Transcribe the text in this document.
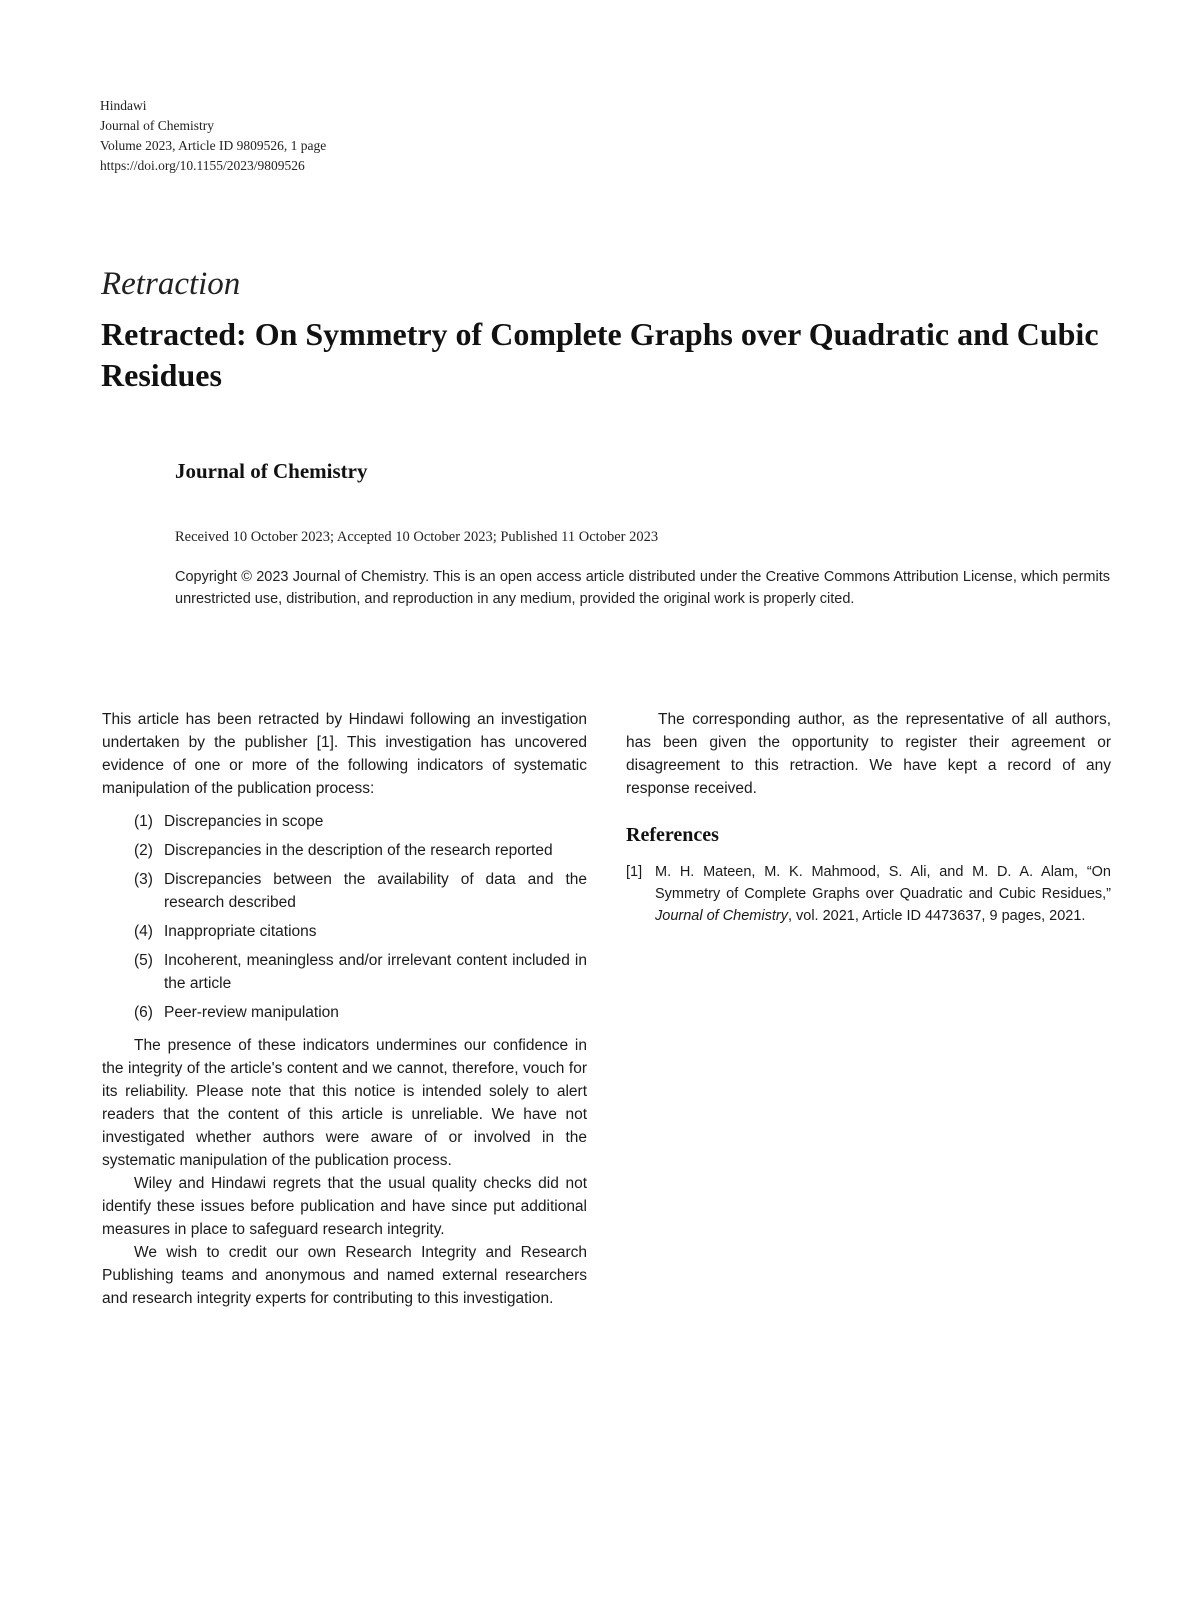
Hindawi
Journal of Chemistry
Volume 2023, Article ID 9809526, 1 page
https://doi.org/10.1155/2023/9809526
Retraction
Retracted: On Symmetry of Complete Graphs over Quadratic and Cubic Residues
Journal of Chemistry
Received 10 October 2023; Accepted 10 October 2023; Published 11 October 2023
Copyright © 2023 Journal of Chemistry. This is an open access article distributed under the Creative Commons Attribution License, which permits unrestricted use, distribution, and reproduction in any medium, provided the original work is properly cited.

This article has been retracted by Hindawi following an investigation undertaken by the publisher [1]. This investigation has uncovered evidence of one or more of the following indicators of systematic manipulation of the publication process:

(1) Discrepancies in scope
(2) Discrepancies in the description of the research reported
(3) Discrepancies between the availability of data and the research described
(4) Inappropriate citations
(5) Incoherent, meaningless and/or irrelevant content included in the article
(6) Peer-review manipulation

The presence of these indicators undermines our confidence in the integrity of the article's content and we cannot, therefore, vouch for its reliability. Please note that this notice is intended solely to alert readers that the content of this article is unreliable. We have not investigated whether authors were aware of or involved in the systematic manipulation of the publication process.

Wiley and Hindawi regrets that the usual quality checks did not identify these issues before publication and have since put additional measures in place to safeguard research integrity.

We wish to credit our own Research Integrity and Research Publishing teams and anonymous and named external researchers and research integrity experts for contributing to this investigation.

The corresponding author, as the representative of all authors, has been given the opportunity to register their agreement or disagreement to this retraction. We have kept a record of any response received.

References
[1] M. H. Mateen, M. K. Mahmood, S. Ali, and M. D. A. Alam, “On Symmetry of Complete Graphs over Quadratic and Cubic Residues,” Journal of Chemistry, vol. 2021, Article ID 4473637, 9 pages, 2021.
